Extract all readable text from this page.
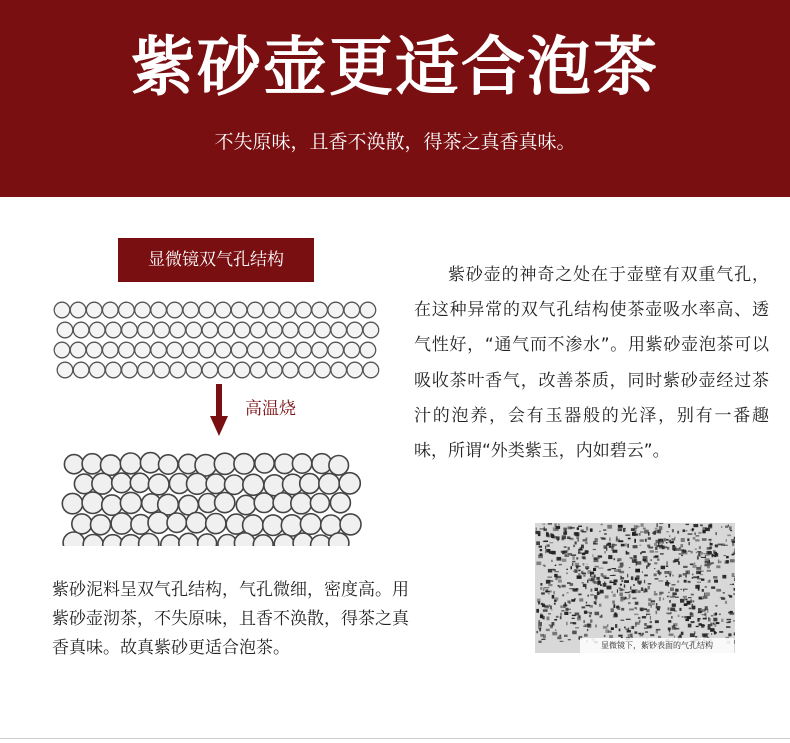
紫砂壶更适合泡茶
不失原味，且香不涣散，得茶之真香真味。
显微镜双气孔结构
高温烧
紫砂壶的神奇之处在于壶壁有双重气孔，在这种异常的双气孔结构使茶壶吸水率高、透气性好，“通气而不渗水”。用紫砂壶泡茶可以吸收茶叶香气，改善茶质，同时紫砂壶经过茶汁的泡养，会有玉器般的光泽，别有一番趣味，所谓“外类紫玉，内如碧云”。
紫砂泥料呈双气孔结构，气孔微细，密度高。用紫砂壶沏茶，不失原味，且香不涣散，得茶之真香真味。故真紫砂更适合泡茶。	显微镜下，紫砂表面的气孔结构
